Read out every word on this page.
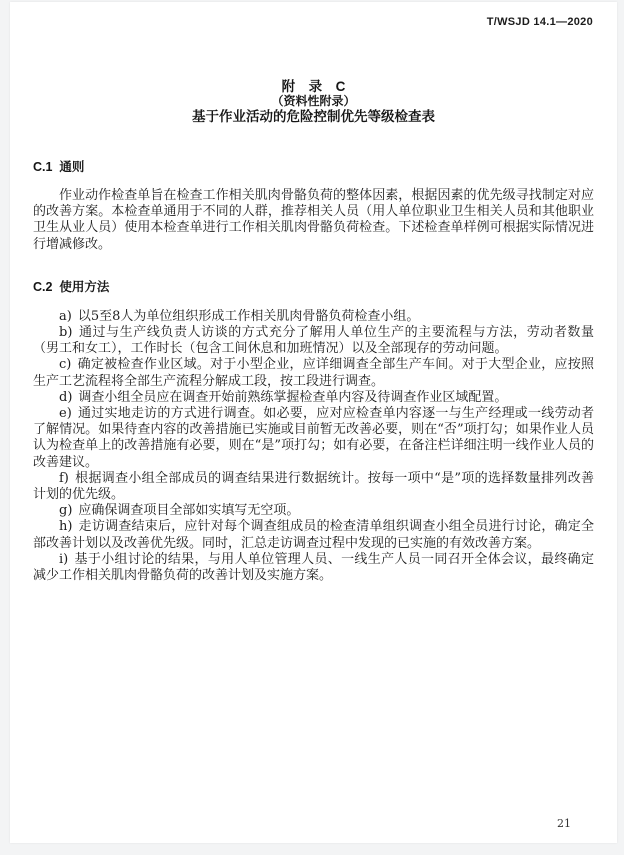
T/WSJD 14.1—2020
附　录　C
（资料性附录）
基于作业活动的危险控制优先等级检查表
C.1  通则

作业动作检查单旨在检查工作相关肌肉骨骼负荷的整体因素，根据因素的优先级寻找制定对应的改善方案。本检查单通用于不同的人群，推荐相关人员（用人单位职业卫生相关人员和其他职业卫生从业人员）使用本检查单进行工作相关肌肉骨骼负荷检查。下述检查单样例可根据实际情况进行增减修改。

C.2  使用方法

a) 以5至8人为单位组织形成工作相关肌肉骨骼负荷检查小组。

b) 通过与生产线负责人访谈的方式充分了解用人单位生产的主要流程与方法，劳动者数量（男工和女工），工作时长（包含工间休息和加班情况）以及全部现存的劳动问题。

c) 确定被检查作业区域。对于小型企业，应详细调查全部生产车间。对于大型企业，应按照生产工艺流程将全部生产流程分解成工段，按工段进行调查。

d) 调查小组全员应在调查开始前熟练掌握检查单内容及待调查作业区域配置。

e) 通过实地走访的方式进行调查。如必要，应对应检查单内容逐一与生产经理或一线劳动者了解情况。如果待查内容的改善措施已实施或目前暂无改善必要，则在“否”项打勾；如果作业人员认为检查单上的改善措施有必要，则在“是”项打勾；如有必要，在备注栏详细注明一线作业人员的改善建议。

f) 根据调查小组全部成员的调查结果进行数据统计。按每一项中“是”项的选择数量排列改善计划的优先级。

g) 应确保调查项目全部如实填写无空项。

h) 走访调查结束后，应针对每个调查组成员的检查清单组织调查小组全员进行讨论，确定全部改善计划以及改善优先级。同时，汇总走访调查过程中发现的已实施的有效改善方案。

i) 基于小组讨论的结果，与用人单位管理人员、一线生产人员一同召开全体会议，最终确定减少工作相关肌肉骨骼负荷的改善计划及实施方案。

21
